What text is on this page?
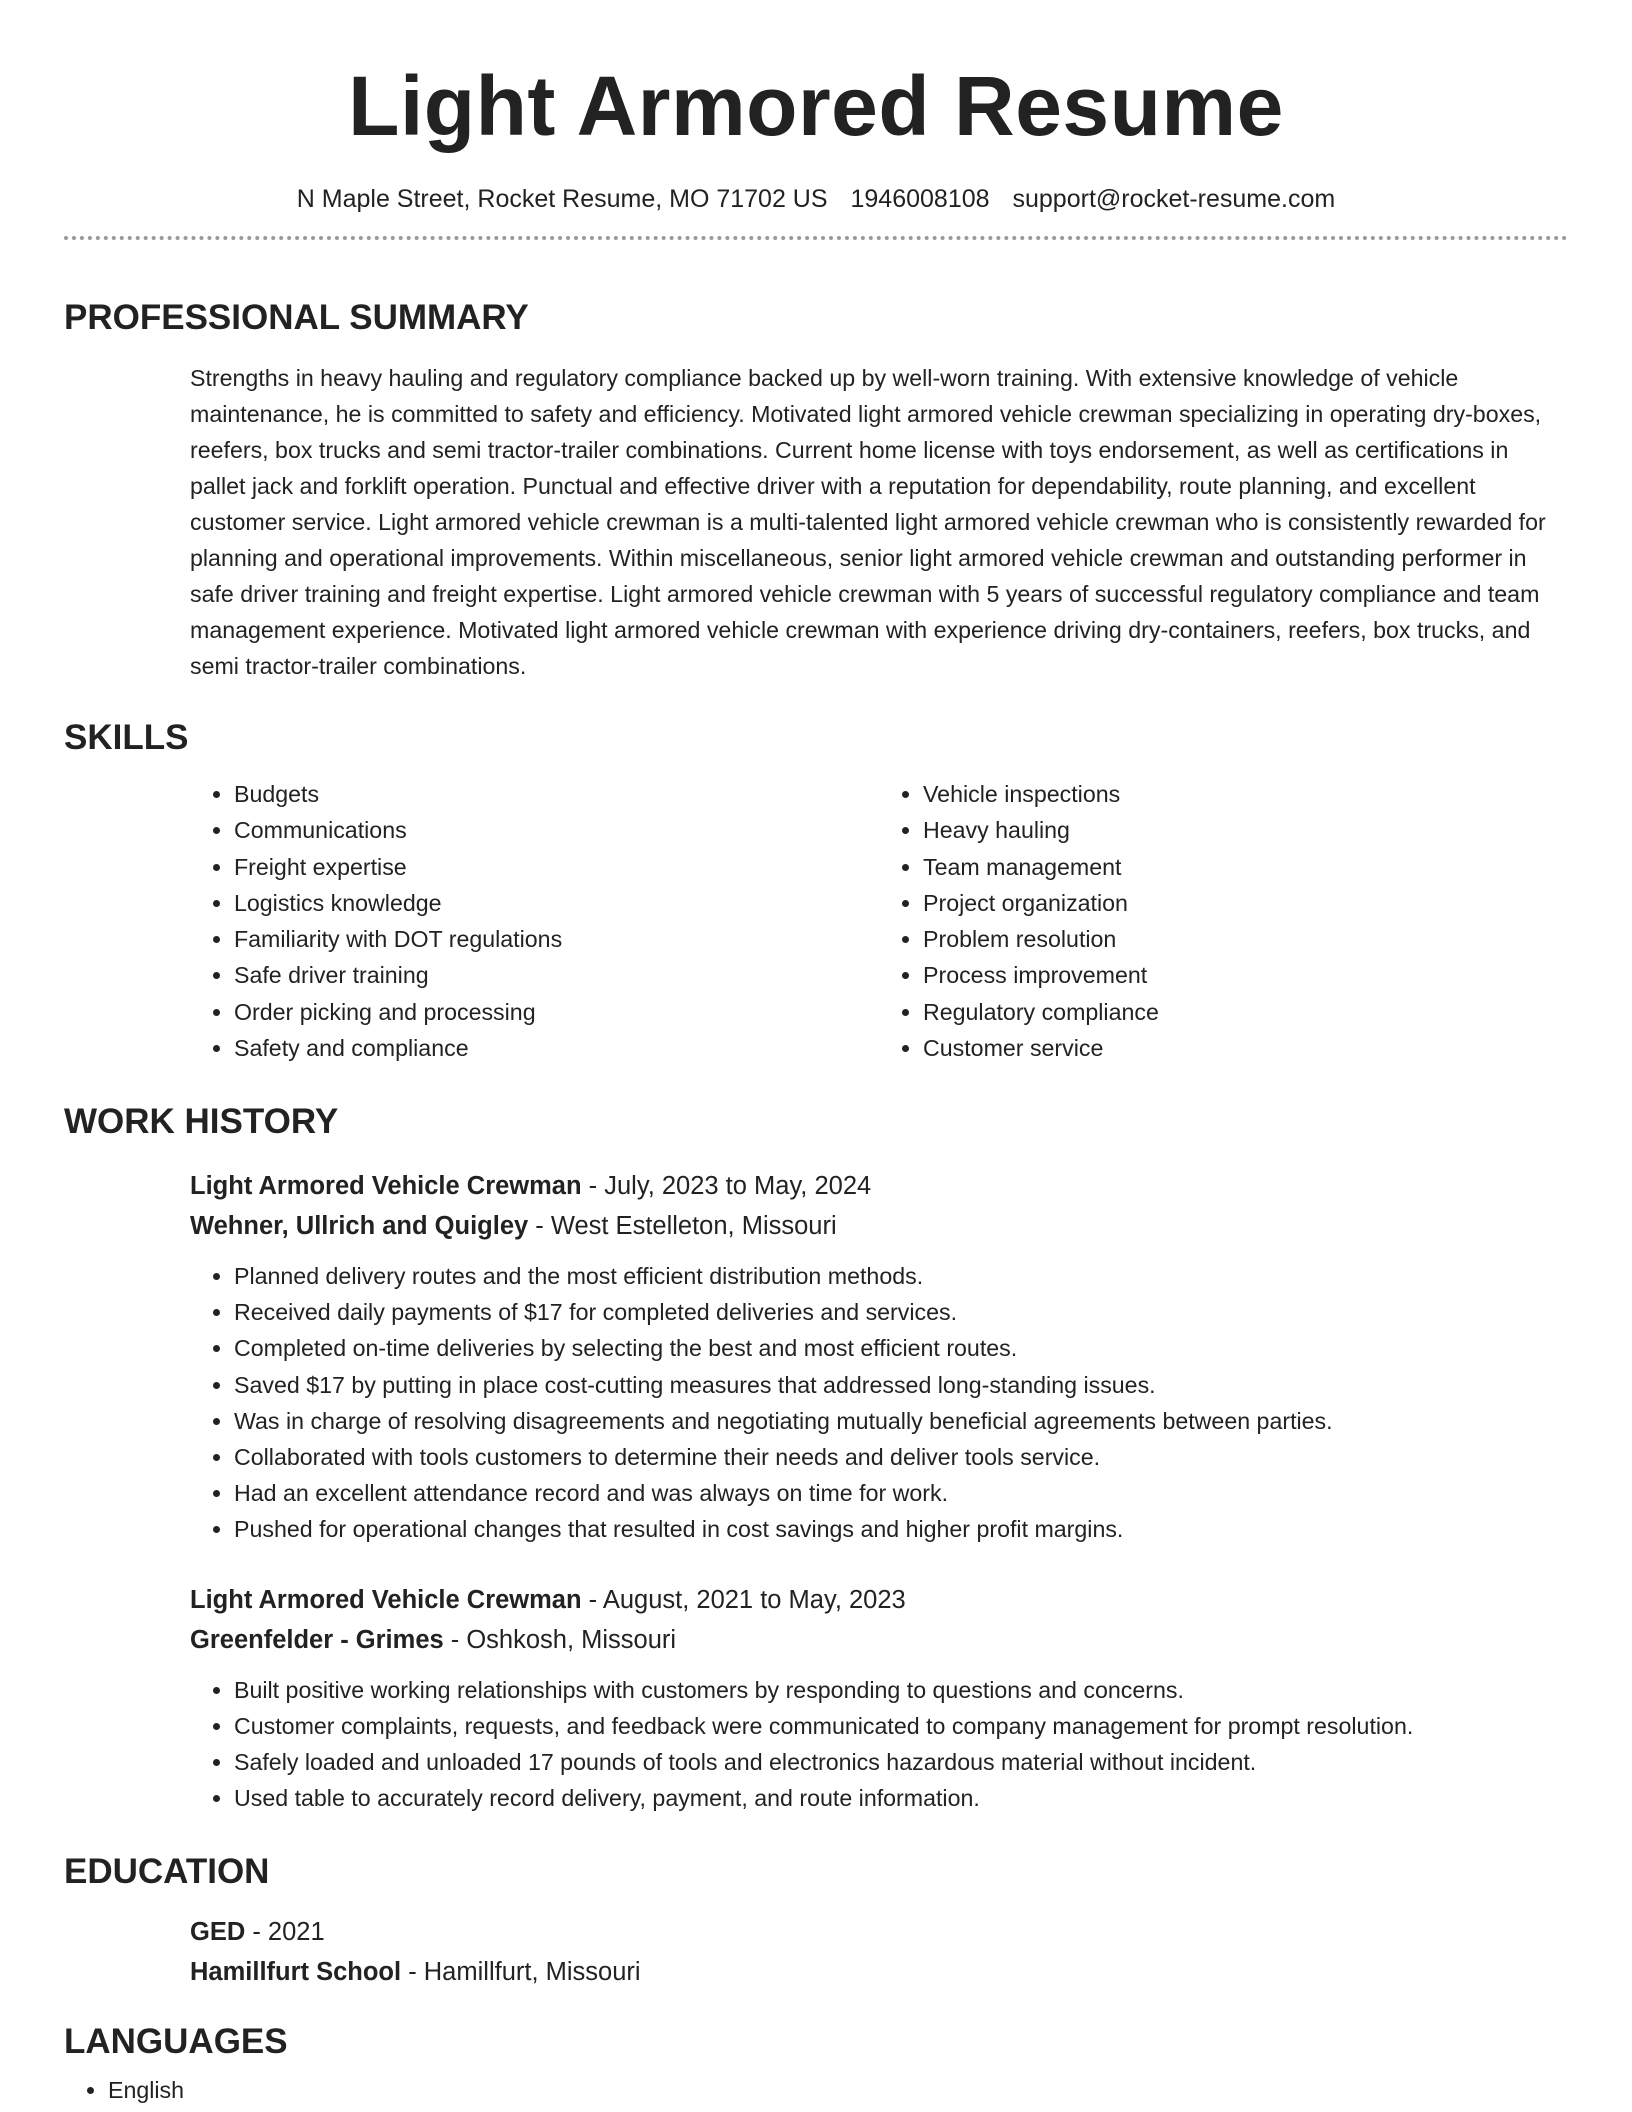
Light Armored Resume
N Maple Street, Rocket Resume, MO 71702 US 1946008108 support@rocket-resume.com
PROFESSIONAL SUMMARY
Strengths in heavy hauling and regulatory compliance backed up by well-worn training. With extensive knowledge of vehicle maintenance, he is committed to safety and efficiency. Motivated light armored vehicle crewman specializing in operating dry-boxes, reefers, box trucks and semi tractor-trailer combinations. Current home license with toys endorsement, as well as certifications in pallet jack and forklift operation. Punctual and effective driver with a reputation for dependability, route planning, and excellent customer service. Light armored vehicle crewman is a multi-talented light armored vehicle crewman who is consistently rewarded for planning and operational improvements. Within miscellaneous, senior light armored vehicle crewman and outstanding performer in safe driver training and freight expertise. Light armored vehicle crewman with 5 years of successful regulatory compliance and team management experience. Motivated light armored vehicle crewman with experience driving dry-containers, reefers, box trucks, and semi tractor-trailer combinations.
SKILLS
• Budgets
• Communications
• Freight expertise
• Logistics knowledge
• Familiarity with DOT regulations
• Safe driver training
• Order picking and processing
• Safety and compliance
• Vehicle inspections
• Heavy hauling
• Team management
• Project organization
• Problem resolution
• Process improvement
• Regulatory compliance
• Customer service
WORK HISTORY
Light Armored Vehicle Crewman - July, 2023 to May, 2024
Wehner, Ullrich and Quigley - West Estelleton, Missouri
• Planned delivery routes and the most efficient distribution methods.
• Received daily payments of $17 for completed deliveries and services.
• Completed on-time deliveries by selecting the best and most efficient routes.
• Saved $17 by putting in place cost-cutting measures that addressed long-standing issues.
• Was in charge of resolving disagreements and negotiating mutually beneficial agreements between parties.
• Collaborated with tools customers to determine their needs and deliver tools service.
• Had an excellent attendance record and was always on time for work.
• Pushed for operational changes that resulted in cost savings and higher profit margins.
Light Armored Vehicle Crewman - August, 2021 to May, 2023
Greenfelder - Grimes - Oshkosh, Missouri
• Built positive working relationships with customers by responding to questions and concerns.
• Customer complaints, requests, and feedback were communicated to company management for prompt resolution.
• Safely loaded and unloaded 17 pounds of tools and electronics hazardous material without incident.
• Used table to accurately record delivery, payment, and route information.
EDUCATION
GED - 2021
Hamillfurt School - Hamillfurt, Missouri
LANGUAGES
• English
